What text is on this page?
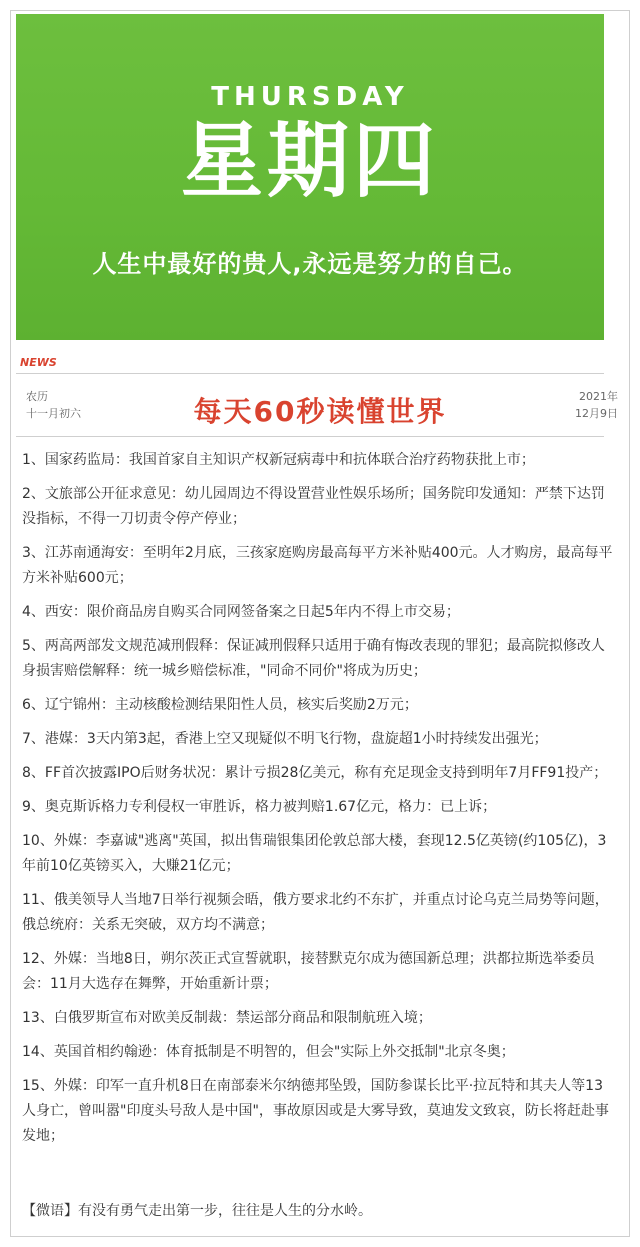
THURSDAY
星期四
人生中最好的贵人,永远是努力的自己。
NEWS
农历
十一月初六	每天60秒读懂世界	2021年
12月9日
1、国家药监局：我国首家自主知识产权新冠病毒中和抗体联合治疗药物获批上市；
2、文旅部公开征求意见：幼儿园周边不得设置营业性娱乐场所；国务院印发通知：严禁下达罚没指标，不得一刀切责令停产停业；
3、江苏南通海安：至明年2月底，三孩家庭购房最高每平方米补贴400元。人才购房，最高每平方米补贴600元；
4、西安：限价商品房自购买合同网签备案之日起5年内不得上市交易；
5、两高两部发文规范减刑假释：保证减刑假释只适用于确有悔改表现的罪犯；最高院拟修改人身损害赔偿解释：统一城乡赔偿标准，"同命不同价"将成为历史；
6、辽宁锦州：主动核酸检测结果阳性人员，核实后奖励2万元；
7、港媒：3天内第3起，香港上空又现疑似不明飞行物，盘旋超1小时持续发出强光；
8、FF首次披露IPO后财务状况：累计亏损28亿美元，称有充足现金支持到明年7月FF91投产；
9、奥克斯诉格力专利侵权一审胜诉，格力被判赔1.67亿元，格力：已上诉；
10、外媒：李嘉诚"逃离"英国，拟出售瑞银集团伦敦总部大楼，套现12.5亿英镑(约105亿)，3年前10亿英镑买入，大赚21亿元；
11、俄美领导人当地7日举行视频会晤，俄方要求北约不东扩，并重点讨论乌克兰局势等问题，俄总统府：关系无突破，双方均不满意；
12、外媒：当地8日，朔尔茨正式宣誓就职，接替默克尔成为德国新总理；洪都拉斯选举委员会：11月大选存在舞弊，开始重新计票；
13、白俄罗斯宣布对欧美反制裁：禁运部分商品和限制航班入境；
14、英国首相约翰逊：体育抵制是不明智的，但会"实际上外交抵制"北京冬奥；
15、外媒：印军一直升机8日在南部泰米尔纳德邦坠毁，国防参谋长比平·拉瓦特和其夫人等13人身亡，曾叫嚣"印度头号敌人是中国"，事故原因或是大雾导致，莫迪发文致哀，防长将赶赴事发地；
【微语】有没有勇气走出第一步，往往是人生的分水岭。
